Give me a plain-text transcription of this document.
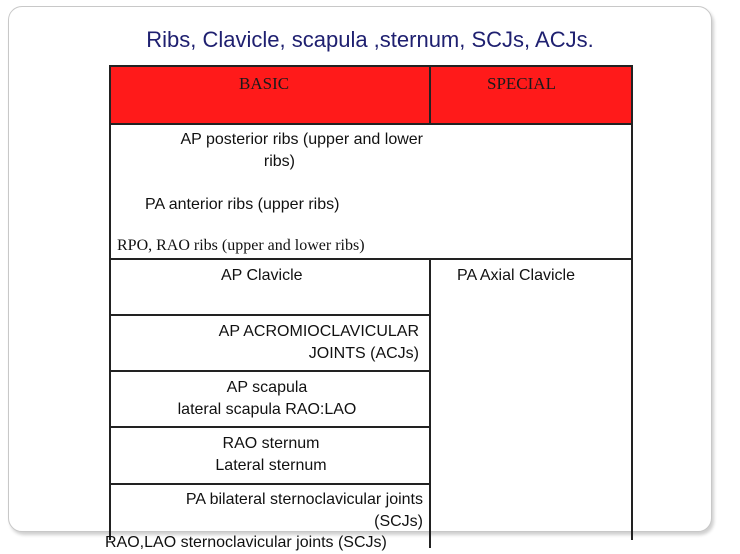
Ribs, Clavicle, scapula ,sternum, SCJs, ACJs.
BASIC	SPECIAL
AP posterior ribs (upper and lower
ribs)
PA anterior ribs (upper ribs)
RPO, RAO ribs (upper and lower ribs)
AP Clavicle	PA Axial Clavicle
AP ACROMIOCLAVICULAR
JOINTS (ACJs)
AP scapula
lateral scapula RAO:LAO
RAO sternum
Lateral sternum
PA bilateral sternoclavicular joints
(SCJs)
RAO,LAO sternoclavicular joints (SCJs)
